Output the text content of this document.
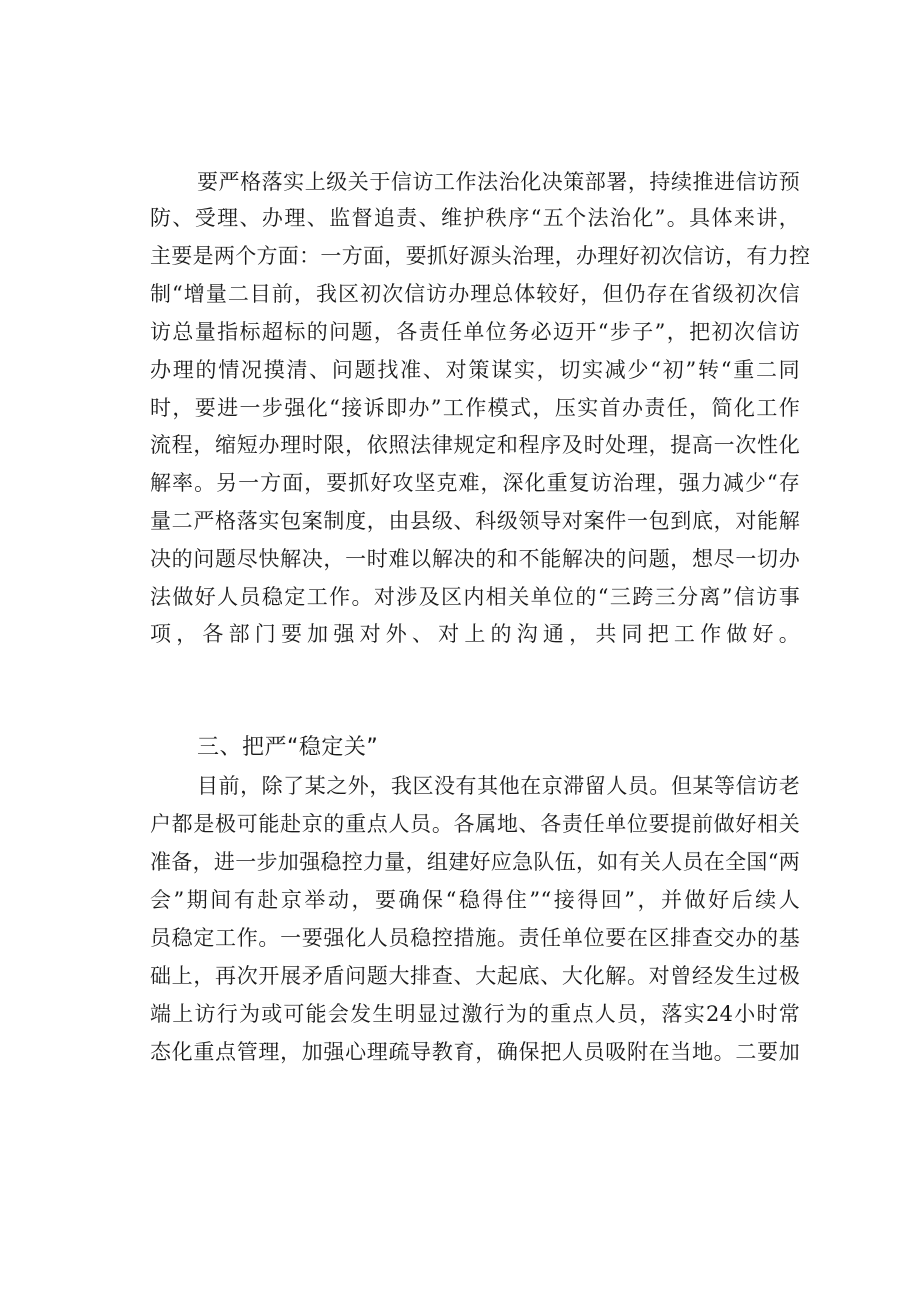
要严格落实上级关于信访工作法治化决策部署，持续推进信访预
防、受理、办理、监督追责、维护秩序“五个法治化”。具体来讲，
主要是两个方面：一方面，要抓好源头治理，办理好初次信访，有力控
制“增量二目前，我区初次信访办理总体较好，但仍存在省级初次信
访总量指标超标的问题，各责任单位务必迈开“步子”，把初次信访
办理的情况摸清、问题找准、对策谋实，切实减少“初”转“重二同
时，要进一步强化“接诉即办”工作模式，压实首办责任，简化工作
流程，缩短办理时限，依照法律规定和程序及时处理，提高一次性化
解率。另一方面，要抓好攻坚克难，深化重复访治理，强力减少“存
量二严格落实包案制度，由县级、科级领导对案件一包到底，对能解
决的问题尽快解决，一时难以解决的和不能解决的问题，想尽一切办
法做好人员稳定工作。对涉及区内相关单位的“三跨三分离”信访事
项，各部门要加强对外、对上的沟通，共同把工作做好。
三、把严“稳定关”
目前，除了某之外，我区没有其他在京滞留人员。但某等信访老
户都是极可能赴京的重点人员。各属地、各责任单位要提前做好相关
准备，进一步加强稳控力量，组建好应急队伍，如有关人员在全国“两
会”期间有赴京举动，要确保“稳得住”“接得回”，并做好后续人
员稳定工作。一要强化人员稳控措施。责任单位要在区排查交办的基
础上，再次开展矛盾问题大排查、大起底、大化解。对曾经发生过极
端上访行为或可能会发生明显过激行为的重点人员，落实24小时常
态化重点管理，加强心理疏导教育，确保把人员吸附在当地。二要加
